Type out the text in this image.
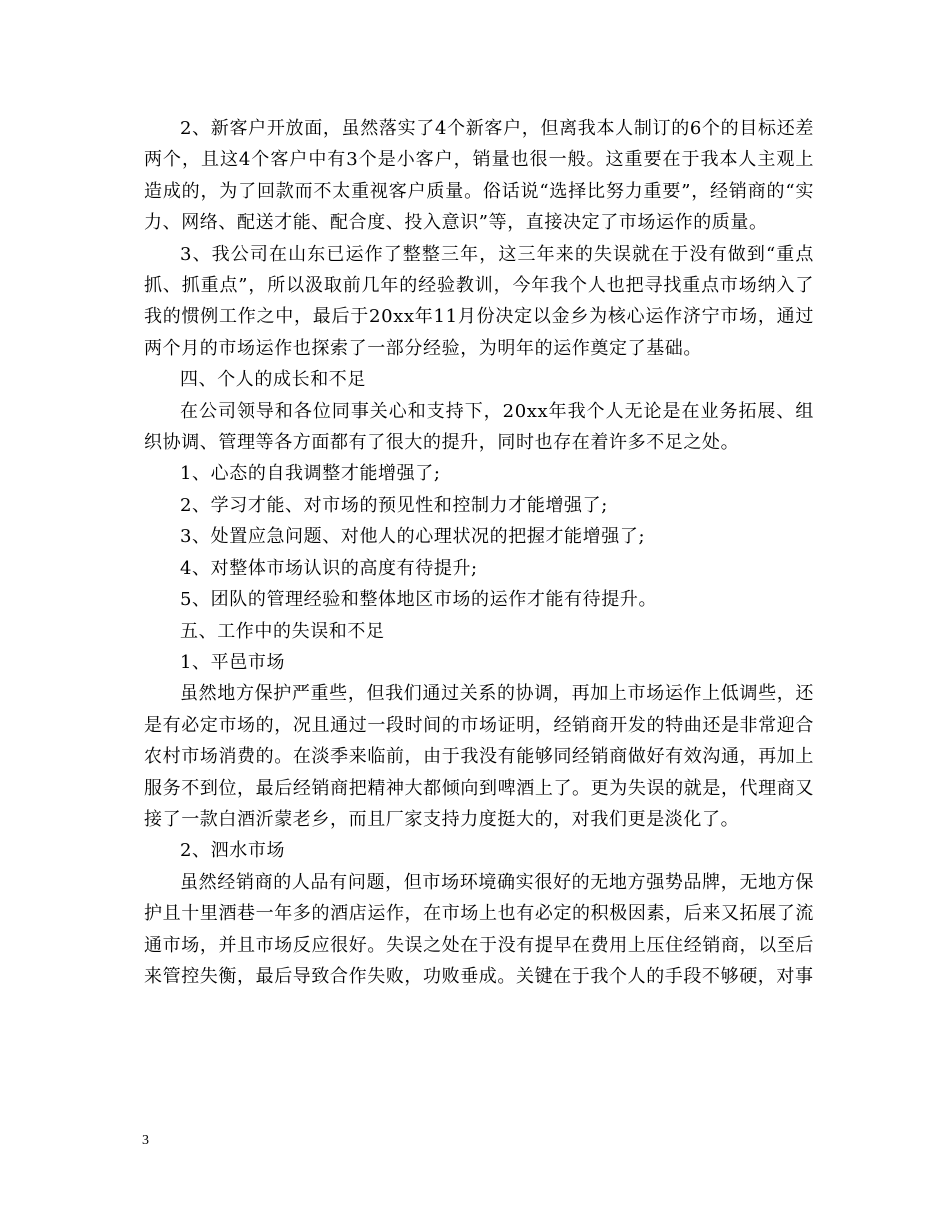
2、新客户开放面，虽然落实了4个新客户，但离我本人制订的6个的目标还差两个，且这4个客户中有3个是小客户，销量也很一般。这重要在于我本人主观上造成的，为了回款而不太重视客户质量。俗话说“选择比努力重要”，经销商的“实力、网络、配送才能、配合度、投入意识”等，直接决定了市场运作的质量。

3、我公司在山东已运作了整整三年，这三年来的失误就在于没有做到“重点抓、抓重点”，所以汲取前几年的经验教训，今年我个人也把寻找重点市场纳入了我的惯例工作之中，最后于20xx年11月份决定以金乡为核心运作济宁市场，通过两个月的市场运作也探索了一部分经验，为明年的运作奠定了基础。

四、个人的成长和不足

在公司领导和各位同事关心和支持下，20xx年我个人无论是在业务拓展、组织协调、管理等各方面都有了很大的提升，同时也存在着许多不足之处。

1、心态的自我调整才能增强了;

2、学习才能、对市场的预见性和控制力才能增强了;

3、处置应急问题、对他人的心理状况的把握才能增强了;

4、对整体市场认识的高度有待提升;

5、团队的管理经验和整体地区市场的运作才能有待提升。

五、工作中的失误和不足

1、平邑市场

虽然地方保护严重些，但我们通过关系的协调，再加上市场运作上低调些，还是有必定市场的，况且通过一段时间的市场证明，经销商开发的特曲还是非常迎合农村市场消费的。在淡季来临前，由于我没有能够同经销商做好有效沟通，再加上服务不到位，最后经销商把精神大都倾向到啤酒上了。更为失误的就是，代理商又接了一款白酒沂蒙老乡，而且厂家支持力度挺大的，对我们更是淡化了。

2、泗水市场

虽然经销商的人品有问题，但市场环境确实很好的无地方强势品牌，无地方保护且十里酒巷一年多的酒店运作，在市场上也有必定的积极因素，后来又拓展了流通市场，并且市场反应很好。失误之处在于没有提早在费用上压住经销商，以至后来管控失衡，最后导致合作失败，功败垂成。关键在于我个人的手段不够硬，对事

3
